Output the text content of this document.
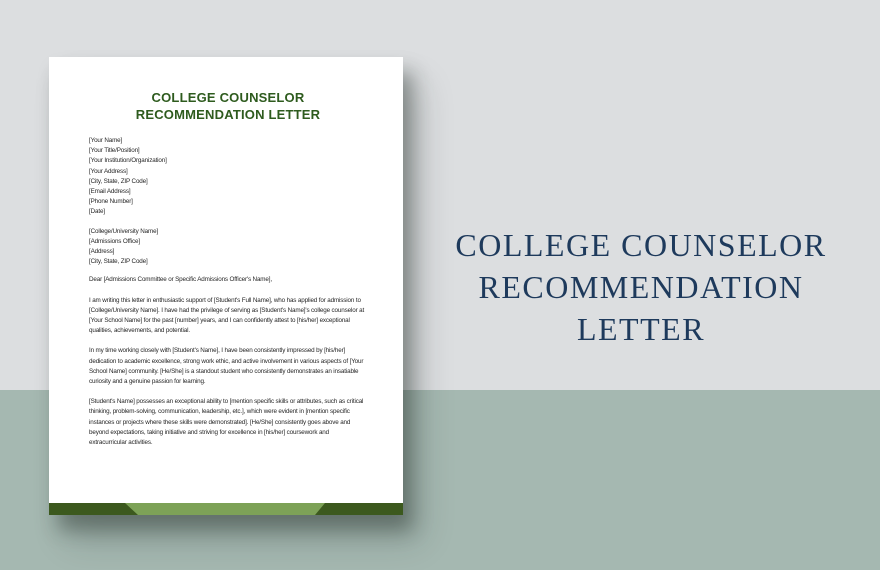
COLLEGE COUNSELOR RECOMMENDATION LETTER
[Your Name]
[Your Title/Position]
[Your Institution/Organization]
[Your Address]
[City, State, ZIP Code]
[Email Address]
[Phone Number]
[Date]
[College/University Name]
[Admissions Office]
[Address]
[City, State, ZIP Code]
Dear [Admissions Committee or Specific Admissions Officer's Name],
I am writing this letter in enthusiastic support of [Student's Full Name], who has applied for admission to [College/University Name]. I have had the privilege of serving as [Student's Name]'s college counselor at [Your School Name] for the past [number] years, and I can confidently attest to [his/her] exceptional qualities, achievements, and potential.
In my time working closely with [Student's Name], I have been consistently impressed by [his/her] dedication to academic excellence, strong work ethic, and active involvement in various aspects of [Your School Name] community. [He/She] is a standout student who consistently demonstrates an insatiable curiosity and a genuine passion for learning.
[Student's Name] possesses an exceptional ability to [mention specific skills or attributes, such as critical thinking, problem-solving, communication, leadership, etc.], which were evident in [mention specific instances or projects where these skills were demonstrated]. [He/She] consistently goes above and beyond expectations, taking initiative and striving for excellence in [his/her] coursework and extracurricular activities.
COLLEGE COUNSELOR
RECOMMENDATION
LETTER
